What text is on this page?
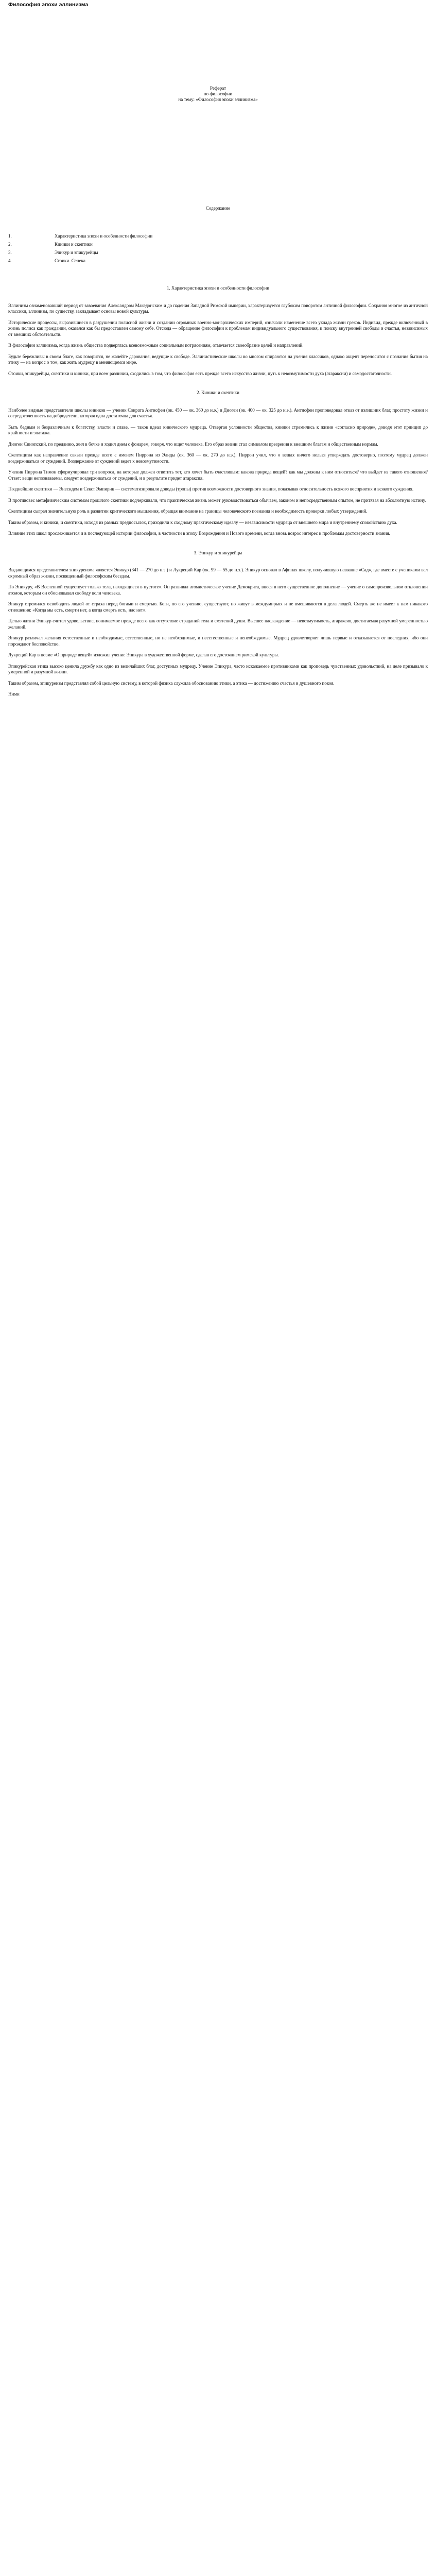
Философия эпохи эллинизма
Реферат
по философии
на тему: «Философия эпохи эллинизма»
Содержание
1.	Характеристика эпохи и особенности философии
2.	Киники и скептики
3.	Эпикур и эпикурейцы
4.	Стоики. Сенека
1. Характеристика эпохи и особенности философии

Эллинизм ознаменовавший период от завоевания Александром Македонским и до падения Западной Римской империи, характеризуется глубоким поворотом античной философии. Сохраняя многое из античной классики, эллинизм, по существу, закладывает основы новой культуры.

Исторические процессы, выразившиеся в разрушении полисной жизни и создании огромных военно-монархических империй, означали изменение всего уклада жизни греков. Индивид, прежде включенный в жизнь полиса как гражданин, оказался как бы предоставлен самому себе. Отсюда — обращение философии к проблемам индивидуального существования, к поиску внутренней свободы и счастья, независимых от внешних обстоятельств.

В философии эллинизма, когда жизнь общества подверглась всевозможным социальным потрясениям, отмечается своеобразие целей и направлений.

Будьте бережливы в своем благе, как говорится, не жалейте дарования, ведущие к свободе. Эллинистические школы во многом опираются на учения классиков, однако акцент переносится с познания бытия на этику — на вопрос о том, как жить мудрецу в меняющемся мире.

Стоики, эпикурейцы, скептики и киники, при всем различии, сходились в том, что философия есть прежде всего искусство жизни, путь к невозмутимости духа (атараксии) и самодостаточности.

2. Киники и скептики

Наиболее видные представители школы киников — ученик Сократа Антисфен (ок. 450 — ок. 360 до н.э.) и Диоген (ок. 400 — ок. 325 до н.э.). Антисфен проповедовал отказ от излишних благ, простоту жизни и сосредоточенность на добродетели, которая одна достаточна для счастья.

Быть бедным и безразличным к богатству, власти и славе, — таков идеал кинического мудреца. Отвергая условности общества, киники стремились к жизни «согласно природе», доводя этот принцип до крайности и эпатажа.

Диоген Синопский, по преданию, жил в бочке и ходил днем с фонарем, говоря, что ищет человека. Его образ жизни стал символом презрения к внешним благам и общественным нормам.

Скептицизм как направление связан прежде всего с именем Пиррона из Элиды (ок. 360 — ок. 270 до н.э.). Пиррон учил, что о вещах ничего нельзя утверждать достоверно, поэтому мудрец должен воздерживаться от суждений. Воздержание от суждений ведет к невозмутимости.

Ученик Пиррона Тимон сформулировал три вопроса, на которые должен ответить тот, кто хочет быть счастливым: какова природа вещей? как мы должны к ним относиться? что выйдет из такого отношения? Ответ: вещи непознаваемы, следует воздерживаться от суждений, и в результате придет атараксия.

Позднейшие скептики — Энесидем и Секст Эмпирик — систематизировали доводы (тропы) против возможности достоверного знания, показывая относительность всякого восприятия и всякого суждения.

В противовес метафизическим системам прошлого скептики подчеркивали, что практическая жизнь может руководствоваться обычаем, законом и непосредственным опытом, не притязая на абсолютную истину.

Скептицизм сыграл значительную роль в развитии критического мышления, обращая внимание на границы человеческого познания и необходимость проверки любых утверждений.

Таким образом, и киники, и скептики, исходя из разных предпосылок, приходили к сходному практическому идеалу — независимости мудреца от внешнего мира и внутреннему спокойствию духа.

Влияние этих школ прослеживается и в последующей истории философии, в частности в эпоху Возрождения и Нового времени, когда вновь возрос интерес к проблемам достоверности знания.

3. Эпикур и эпикурейцы

Выдающимся представителем эпикуреизма является Эпикур (341 — 270 до н.э.) и Лукреций Кар (ок. 99 — 55 до н.э.). Эпикур основал в Афинах школу, получившую название «Сад», где вместе с учениками вел скромный образ жизни, посвященный философским беседам.

По Эпикуру, «В Вселенной существует только тела, находящиеся в пустоте». Он развивал атомистическое учение Демокрита, внеся в него существенное дополнение — учение о самопроизвольном отклонении атомов, которым он обосновывал свободу воли человека.

Эпикур стремился освободить людей от страха перед богами и смертью. Боги, по его учению, существуют, но живут в междумирьях и не вмешиваются в дела людей. Смерть же не имеет к нам никакого отношения: «Когда мы есть, смерти нет, а когда смерть есть, нас нет».

Целью жизни Эпикур считал удовольствие, понимаемое прежде всего как отсутствие страданий тела и смятений души. Высшее наслаждение — невозмутимость, атараксия, достигаемая разумной умеренностью желаний.

Эпикур различал желания естественные и необходимые, естественные, но не необходимые, и неестественные и ненеобходимые. Мудрец удовлетворяет лишь первые и отказывается от последних, ибо они порождают беспокойство.

Лукреций Кар в поэме «О природе вещей» изложил учение Эпикура в художественной форме, сделав его достоянием римской культуры.

Эпикурейская этика высоко ценила дружбу как одно из величайших благ, доступных мудрецу. Учение Эпикура, часто искажаемое противниками как проповедь чувственных удовольствий, на деле призывало к умеренной и разумной жизни.

Таким образом, эпикуреизм представлял собой цельную систему, в которой физика служила обоснованию этики, а этика — достижению счастья и душевного покоя.

Ними
